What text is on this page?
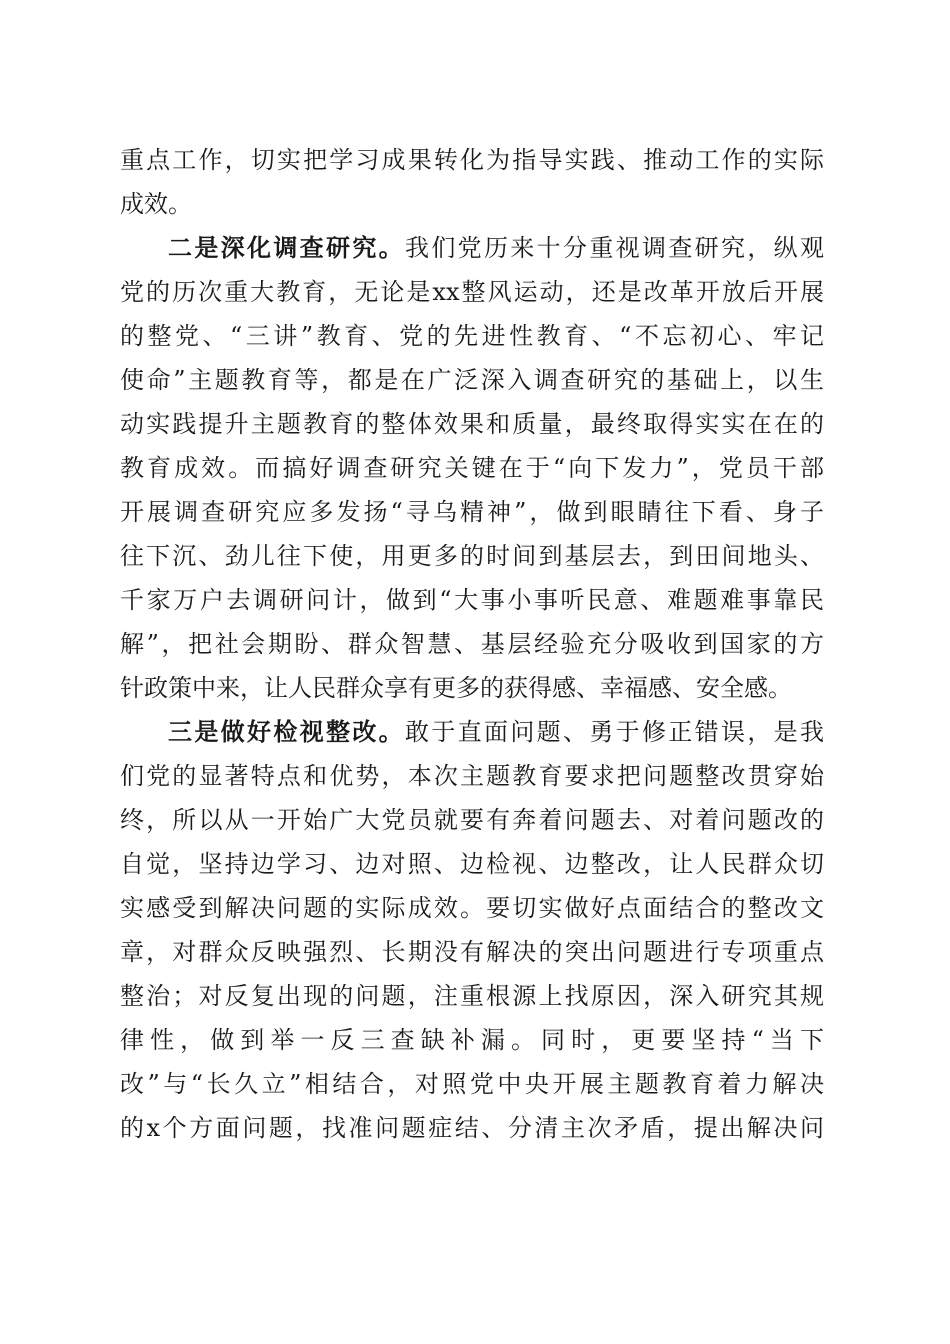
重点工作，切实把学习成果转化为指导实践、推动工作的实际
成效。
二是深化调查研究。我们党历来十分重视调查研究，纵观
党的历次重大教育，无论是xx整风运动，还是改革开放后开展
的整党、“三讲”教育、党的先进性教育、“不忘初心、牢记
使命”主题教育等，都是在广泛深入调查研究的基础上，以生
动实践提升主题教育的整体效果和质量，最终取得实实在在的
教育成效。而搞好调查研究关键在于“向下发力”，党员干部
开展调查研究应多发扬“寻乌精神”，做到眼睛往下看、身子
往下沉、劲儿往下使，用更多的时间到基层去，到田间地头、
千家万户去调研问计，做到“大事小事听民意、难题难事靠民
解”，把社会期盼、群众智慧、基层经验充分吸收到国家的方
针政策中来，让人民群众享有更多的获得感、幸福感、安全感。
三是做好检视整改。敢于直面问题、勇于修正错误，是我
们党的显著特点和优势，本次主题教育要求把问题整改贯穿始
终，所以从一开始广大党员就要有奔着问题去、对着问题改的
自觉，坚持边学习、边对照、边检视、边整改，让人民群众切
实感受到解决问题的实际成效。要切实做好点面结合的整改文
章，对群众反映强烈、长期没有解决的突出问题进行专项重点
整治；对反复出现的问题，注重根源上找原因，深入研究其规
律性，做到举一反三查缺补漏。同时，更要坚持“当下
改”与“长久立”相结合，对照党中央开展主题教育着力解决
的x个方面问题，找准问题症结、分清主次矛盾，提出解决问
